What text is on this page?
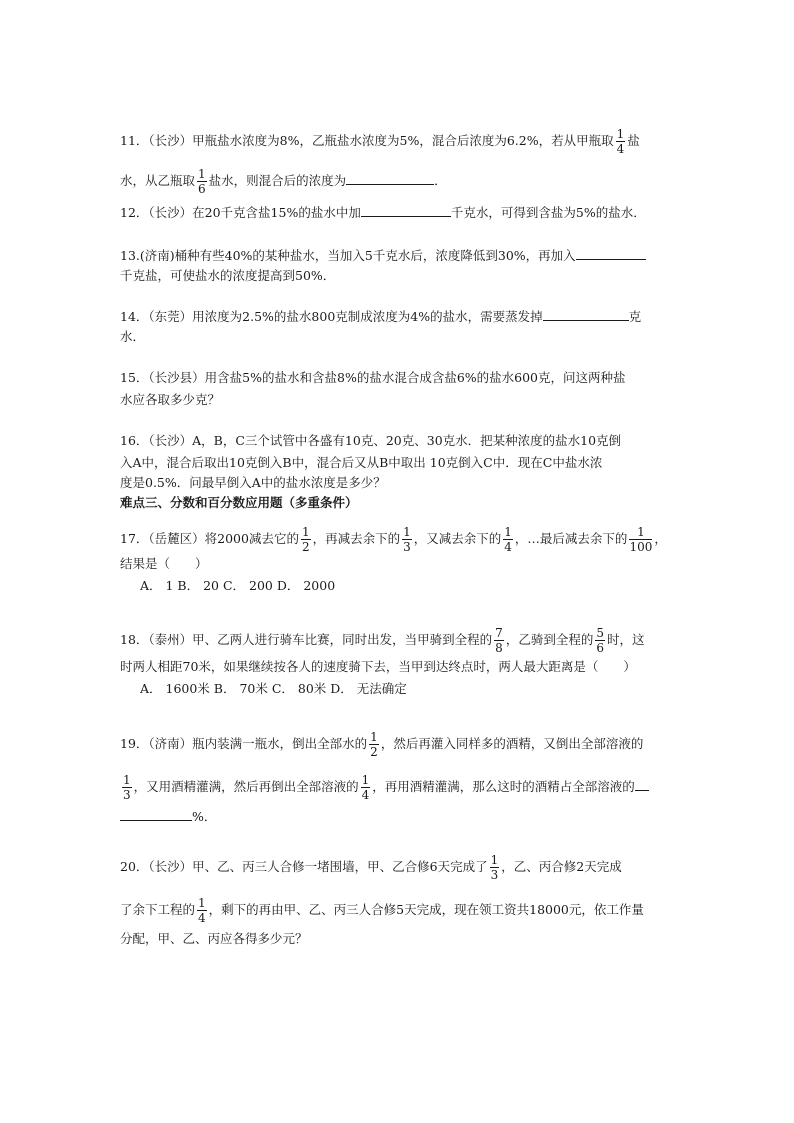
11．（长沙）甲瓶盐水浓度为8%，乙瓶盐水浓度为5%，混合后浓度为6.2%，若从甲瓶取 $\frac{1}{4}$ 盐
水，从乙瓶取 $\frac{1}{6}$ 盐水，则混合后的浓度为	．
12．（长沙）在20千克含盐15%的盐水中加	千克水，可得到含盐为5%的盐水．
13.(济南)桶种有些40%的某种盐水，当加入5千克水后，浓度降低到30%，再加入
千克盐，可使盐水的浓度提高到50%．
14．（东莞）用浓度为2.5%的盐水800克制成浓度为4%的盐水，需要蒸发掉	克
水．
15．（长沙县）用含盐5%的盐水和含盐8%的盐水混合成含盐6%的盐水600克，问这两种盐
水应各取多少克？
16．（长沙）A，B，C三个试管中各盛有10克、20克、30克水．把某种浓度的盐水10克倒
入A中，混合后取出10克倒入B中，混合后又从B中取出 10克倒入C中．现在C中盐水浓
度是0.5%．问最早倒入A中的盐水浓度是多少？
难点三、分数和百分数应用题（多重条件）
17．（岳麓区）将2000减去它的 $\frac{1}{2}$ ，再减去余下的 $\frac{1}{3}$ ，又减去余下的 $\frac{1}{4}$ ，…最后减去余下的 $\frac{1}{100}$ ，
结果是（　　）
A． 1 B． 20 C． 200 D． 2000
18．（泰州）甲、乙两人进行骑车比赛，同时出发，当甲骑到全程的 $\frac{7}{8}$ ，乙骑到全程的 $\frac{5}{6}$ 时，这
时两人相距70米，如果继续按各人的速度骑下去，当甲到达终点时，两人最大距离是（　　）
A． 1600米 B． 70米 C． 80米 D． 无法确定
19．（济南）瓶内装满一瓶水，倒出全部水的 $\frac{1}{2}$ ，然后再灌入同样多的酒精，又倒出全部溶液的
$\frac{1}{3}$ ，又用酒精灌满，然后再倒出全部溶液的 $\frac{1}{4}$ ，再用酒精灌满，那么这时的酒精占全部溶液的
%．
20．（长沙）甲、乙、丙三人合修一堵围墙，甲、乙合修6天完成了 $\frac{1}{3}$ ，乙、丙合修2天完成
了余下工程的 $\frac{1}{4}$ ，剩下的再由甲、乙、丙三人合修5天完成，现在领工资共18000元，依工作量
分配，甲、乙、丙应各得多少元？
